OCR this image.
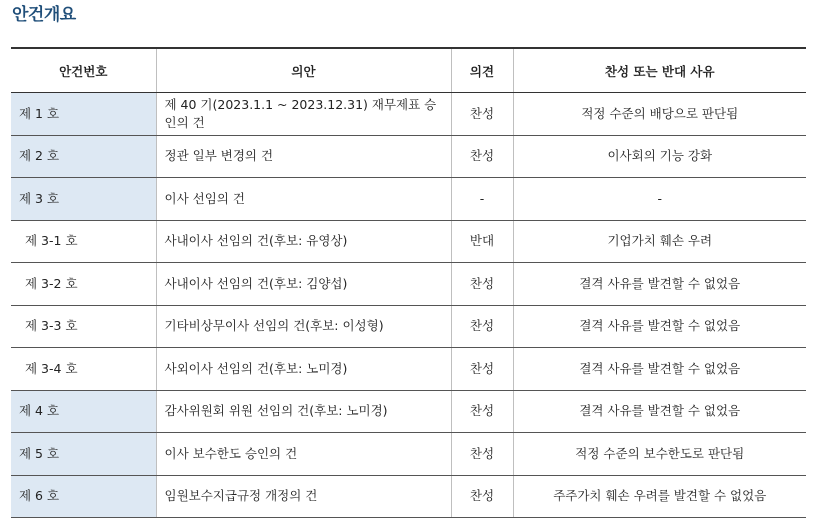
안건개요
안건번호	의안	의견	찬성 또는 반대 사유
제 1 호	제 40 기(2023.1.1 ~ 2023.12.31) 재무제표 승인의 건	찬성	적정 수준의 배당으로 판단됨
제 2 호	정관 일부 변경의 건	찬성	이사회의 기능 강화
제 3 호	이사 선임의 건	-	-
제 3-1 호	사내이사 선임의 건(후보: 유영상)	반대	기업가치 훼손 우려
제 3-2 호	사내이사 선임의 건(후보: 김양섭)	찬성	결격 사유를 발견할 수 없었음
제 3-3 호	기타비상무이사 선임의 건(후보: 이성형)	찬성	결격 사유를 발견할 수 없었음
제 3-4 호	사외이사 선임의 건(후보: 노미경)	찬성	결격 사유를 발견할 수 없었음
제 4 호	감사위원회 위원 선임의 건(후보: 노미경)	찬성	결격 사유를 발견할 수 없었음
제 5 호	이사 보수한도 승인의 건	찬성	적정 수준의 보수한도로 판단됨
제 6 호	임원보수지급규정 개정의 건	찬성	주주가치 훼손 우려를 발견할 수 없었음
